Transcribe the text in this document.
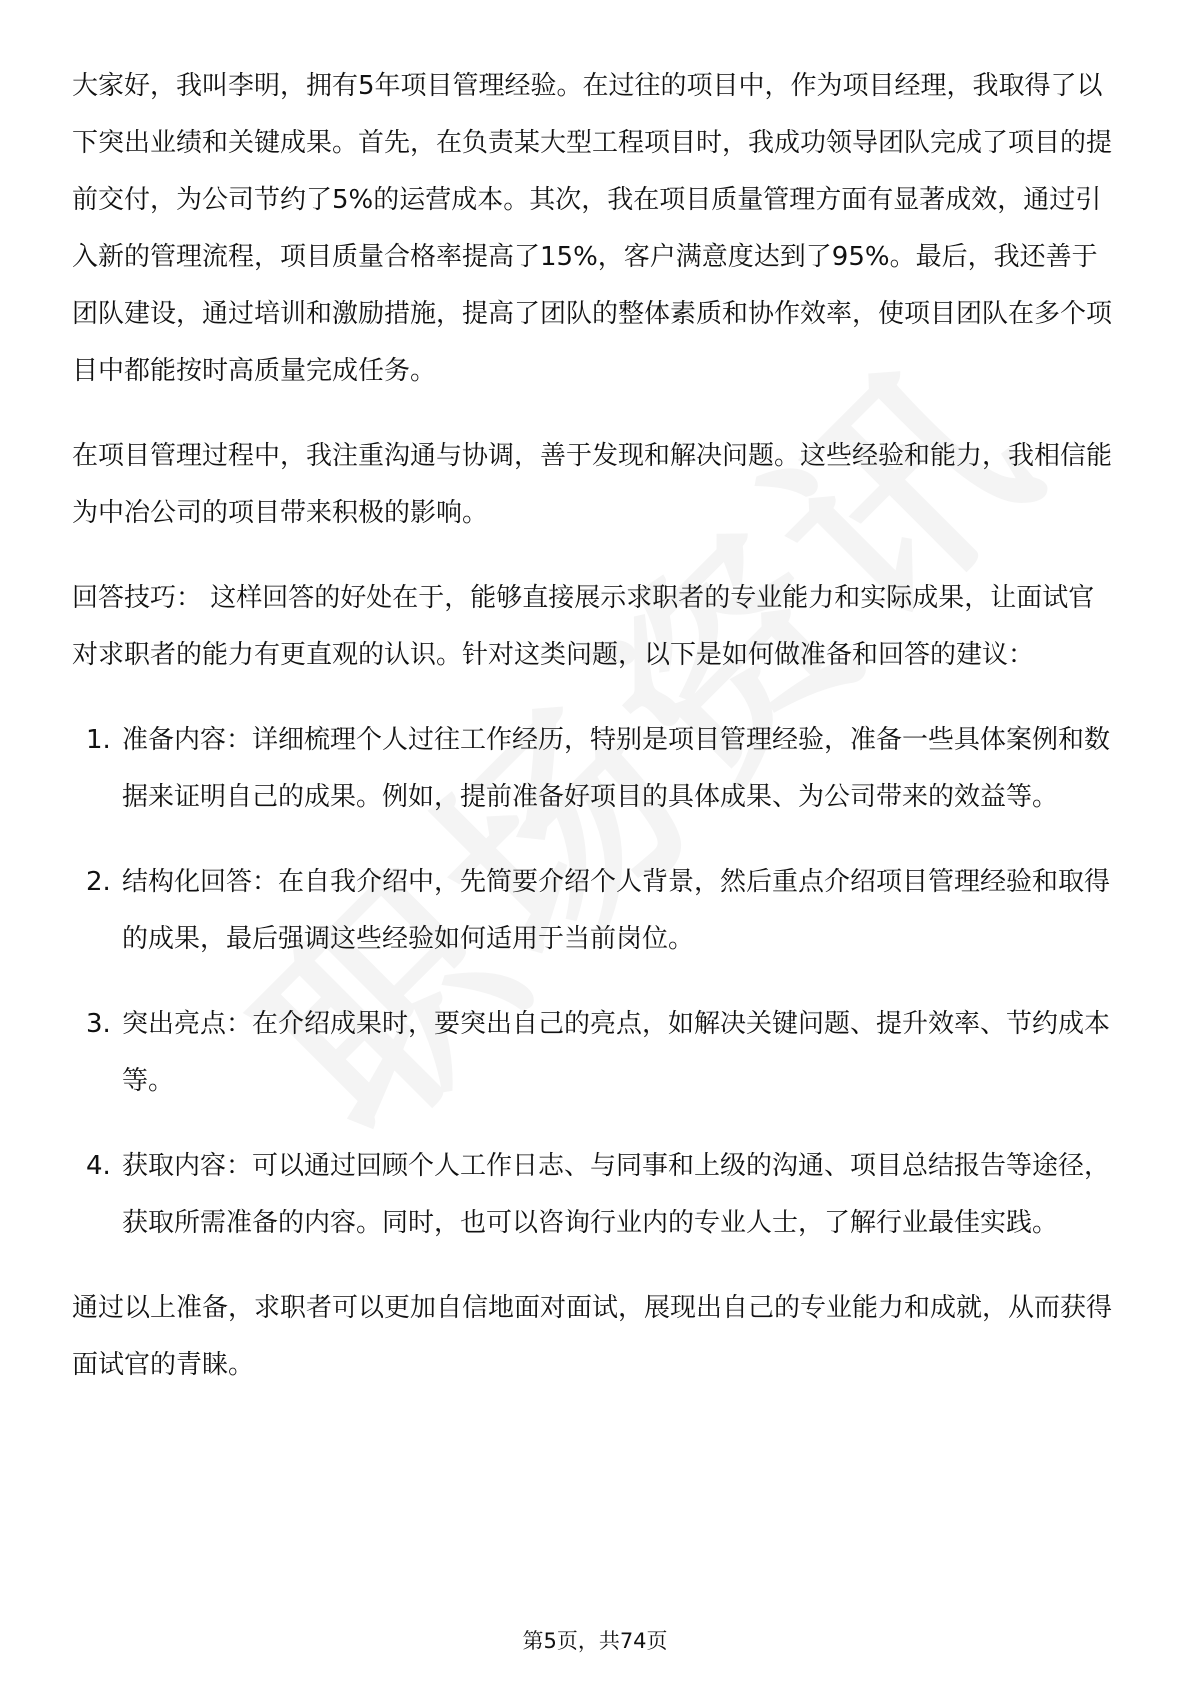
大家好，我叫李明，拥有5年项目管理经验。在过往的项目中，作为项目经理，我取得了以下突出业绩和关键成果。首先，在负责某大型工程项目时，我成功领导团队完成了项目的提前交付，为公司节约了5%的运营成本。其次，我在项目质量管理方面有显著成效，通过引入新的管理流程，项目质量合格率提高了15%，客户满意度达到了95%。最后，我还善于团队建设，通过培训和激励措施，提高了团队的整体素质和协作效率，使项目团队在多个项目中都能按时高质量完成任务。

在项目管理过程中，我注重沟通与协调，善于发现和解决问题。这些经验和能力，我相信能为中冶公司的项目带来积极的影响。

回答技巧： 这样回答的好处在于，能够直接展示求职者的专业能力和实际成果，让面试官对求职者的能力有更直观的认识。针对这类问题，以下是如何做准备和回答的建议：

1. 准备内容：详细梳理个人过往工作经历，特别是项目管理经验，准备一些具体案例和数据来证明自己的成果。例如，提前准备好项目的具体成果、为公司带来的效益等。
2. 结构化回答：在自我介绍中，先简要介绍个人背景，然后重点介绍项目管理经验和取得的成果，最后强调这些经验如何适用于当前岗位。
3. 突出亮点：在介绍成果时，要突出自己的亮点，如解决关键问题、提升效率、节约成本等。
4. 获取内容：可以通过回顾个人工作日志、与同事和上级的沟通、项目总结报告等途径，获取所需准备的内容。同时，也可以咨询行业内的专业人士，了解行业最佳实践。

通过以上准备，求职者可以更加自信地面对面试，展现出自己的专业能力和成就，从而获得面试官的青睐。

第5页，共74页
